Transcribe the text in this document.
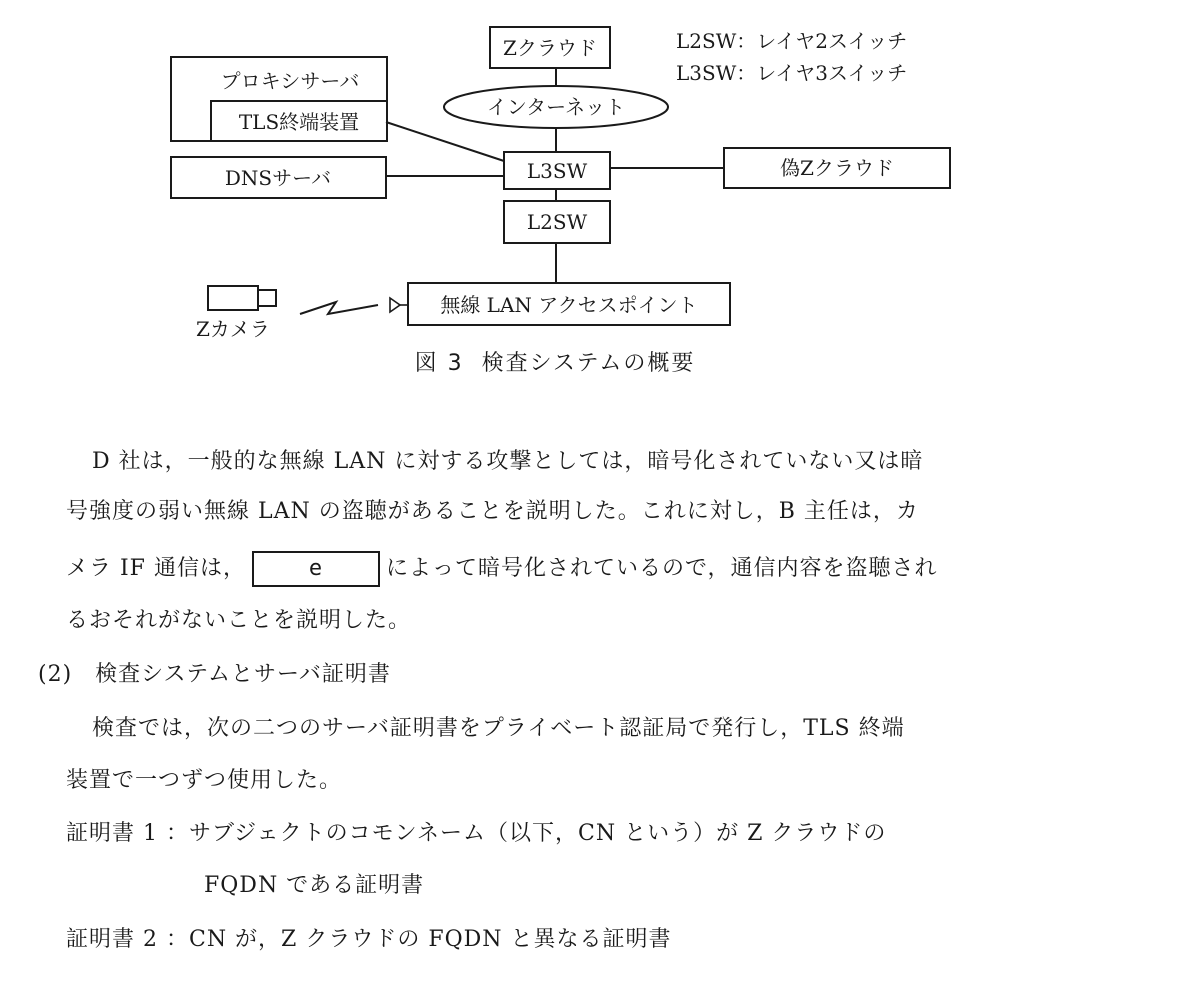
Zクラウド	L2SW：レイヤ2スイッチ
L3SW：レイヤ3スイッチ
プロキシサーバ
TLS終端装置
インターネット
DNSサーバ	L3SW	偽Zクラウド
L2SW
Zカメラ
無線 LAN アクセスポイント
図 3 検査システムの概要
D 社は，一般的な無線 LAN に対する攻撃としては，暗号化されていない又は暗
号強度の弱い無線 LAN の盗聴があることを説明した。これに対し，B 主任は，カ
メラ IF 通信は，	e	によって暗号化されているので，通信内容を盗聴され
るおそれがないことを説明した。
(2)　検査システムとサーバ証明書
検査では，次の二つのサーバ証明書をプライベート認証局で発行し，TLS 終端
装置で一つずつ使用した。
証明書 1 ：サブジェクトのコモンネーム（以下，CN という）が Z クラウドの
FQDN である証明書
証明書 2 ：CN が，Z クラウドの FQDN と異なる証明書
